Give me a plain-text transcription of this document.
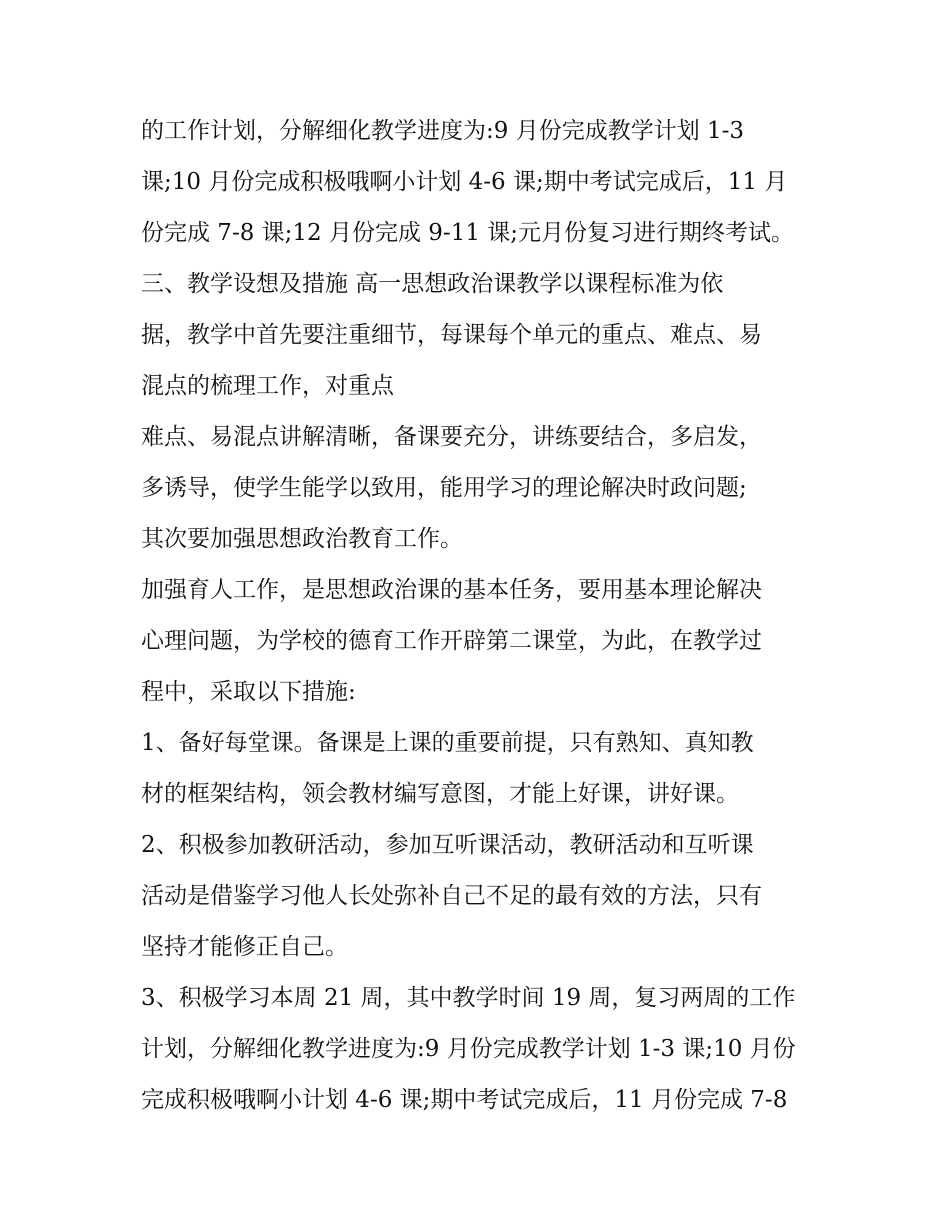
的工作计划，分解细化教学进度为:9 月份完成教学计划 1-3
课;10 月份完成积极哦啊小计划 4-6 课;期中考试完成后，11 月
份完成 7-8 课;12 月份完成 9-11 课;元月份复习进行期终考试。
三、教学设想及措施 高一思想政治课教学以课程标准为依
据，教学中首先要注重细节，每课每个单元的重点、难点、易
混点的梳理工作，对重点
难点、易混点讲解清晰，备课要充分，讲练要结合，多启发，
多诱导，使学生能学以致用，能用学习的理论解决时政问题;
其次要加强思想政治教育工作。
加强育人工作，是思想政治课的基本任务，要用基本理论解决
心理问题，为学校的德育工作开辟第二课堂，为此，在教学过
程中，采取以下措施:
1、备好每堂课。备课是上课的重要前提，只有熟知、真知教
材的框架结构，领会教材编写意图，才能上好课，讲好课。
2、积极参加教研活动，参加互听课活动，教研活动和互听课
活动是借鉴学习他人长处弥补自己不足的最有效的方法，只有
坚持才能修正自己。
3、积极学习本周 21 周，其中教学时间 19 周，复习两周的工作
计划，分解细化教学进度为:9 月份完成教学计划 1-3 课;10 月份
完成积极哦啊小计划 4-6 课;期中考试完成后，11 月份完成 7-8
